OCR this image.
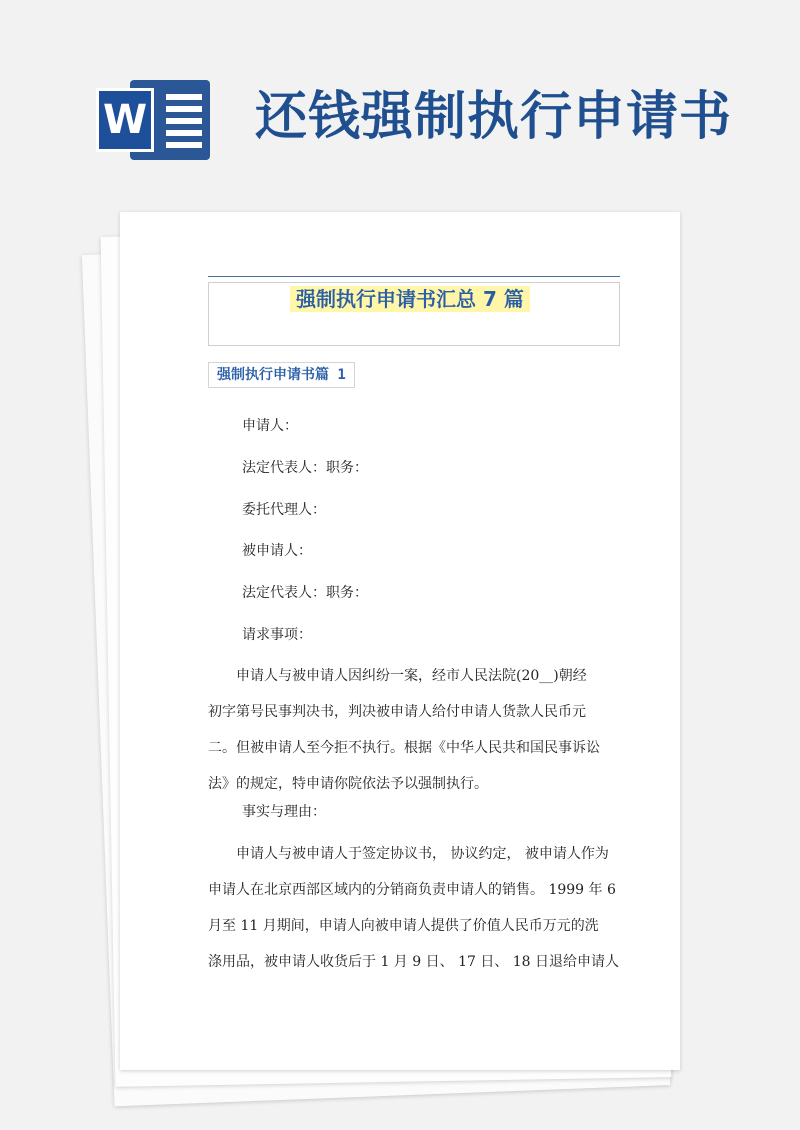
W 还钱强制执行申请书
强制执行申请书汇总 7 篇
强制执行申请书篇 1
申请人：
法定代表人：职务：
委托代理人：
被申请人：
法定代表人：职务：
请求事项：
　　申请人与被申请人因纠纷一案，经市人民法院(20__)朝经
初字第号民事判决书，判决被申请人给付申请人货款人民币元
二。但被申请人至今拒不执行。根据《中华人民共和国民事诉讼
法》的规定，特申请你院依法予以强制执行。
事实与理由：
　　申请人与被申请人于签定协议书， 协议约定， 被申请人作为
申请人在北京西部区域内的分销商负责申请人的销售。 1999 年 6
月至 11 月期间，申请人向被申请人提供了价值人民币万元的洗
涤用品，被申请人收货后于 1 月 9 日、 17 日、 18 日退给申请人
